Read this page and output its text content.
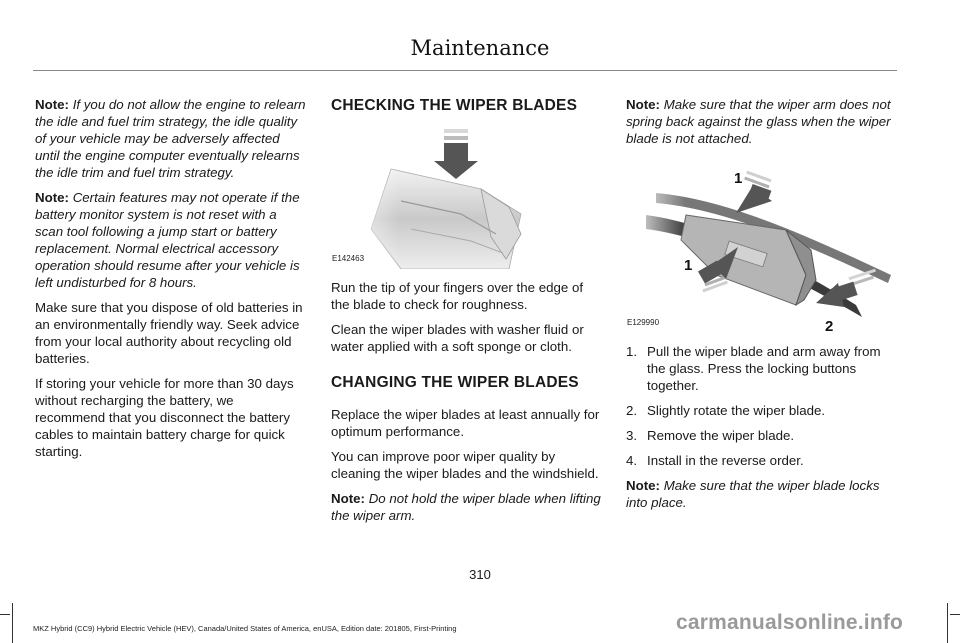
Maintenance

Note: If you do not allow the engine to relearn the idle and fuel trim strategy, the idle quality of your vehicle may be adversely affected until the engine computer eventually relearns the idle trim and fuel trim strategy.

Note: Certain features may not operate if the battery monitor system is not reset with a scan tool following a jump start or battery replacement. Normal electrical accessory operation should resume after your vehicle is left undisturbed for 8 hours.

Make sure that you dispose of old batteries in an environmentally friendly way. Seek advice from your local authority about recycling old batteries.

If storing your vehicle for more than 30 days without recharging the battery, we recommend that you disconnect the battery cables to maintain battery charge for quick starting.

CHECKING THE WIPER BLADES
E142463

Run the tip of your fingers over the edge of the blade to check for roughness.

Clean the wiper blades with washer fluid or water applied with a soft sponge or cloth.

CHANGING THE WIPER BLADES

Replace the wiper blades at least annually for optimum performance.

You can improve poor wiper quality by cleaning the wiper blades and the windshield.

Note: Do not hold the wiper blade when lifting the wiper arm.

Note: Make sure that the wiper arm does not spring back against the glass when the wiper blade is not attached.

1
1
2
E129990
1. Pull the wiper blade and arm away from the glass. Press the locking buttons together.
2. Slightly rotate the wiper blade.
3. Remove the wiper blade.
4. Install in the reverse order.

Note: Make sure that the wiper blade locks into place.

310
MKZ Hybrid (CC9) Hybrid Electric Vehicle (HEV), Canada/United States of America, enUSA, Edition date: 201805, First-Printing	carmanualsonline.info
